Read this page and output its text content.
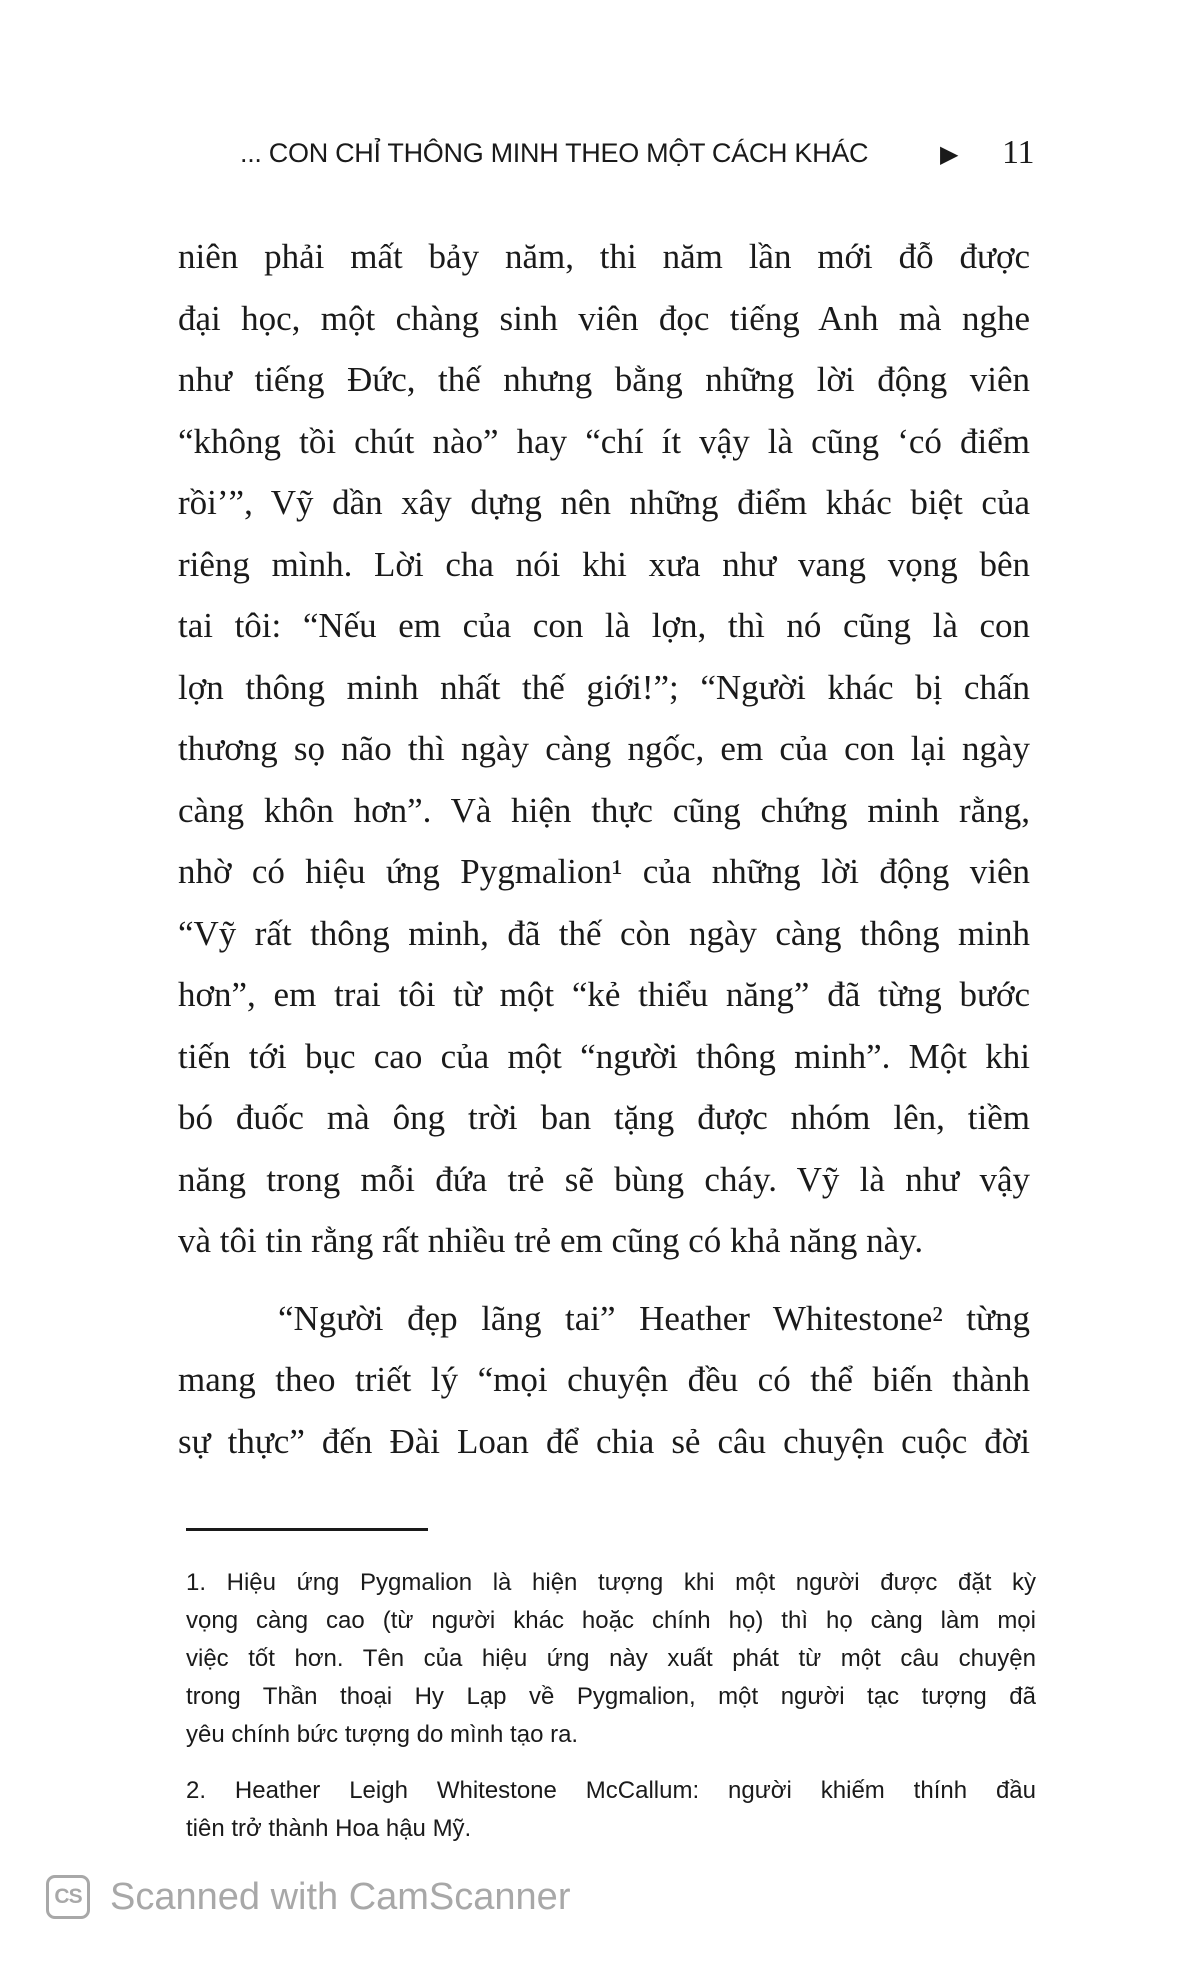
... CON CHỈ THÔNG MINH THEO MỘT CÁCH KHÁC	▶ 11
niên phải mất bảy năm, thi năm lần mới đỗ được
đại học, một chàng sinh viên đọc tiếng Anh mà nghe
như tiếng Đức, thế nhưng bằng những lời động viên
“không tồi chút nào” hay “chí ít vậy là cũng ‘có điểm
rồi’”, Vỹ dần xây dựng nên những điểm khác biệt của
riêng mình. Lời cha nói khi xưa như vang vọng bên
tai tôi: “Nếu em của con là lợn, thì nó cũng là con
lợn thông minh nhất thế giới!”; “Người khác bị chấn
thương sọ não thì ngày càng ngốc, em của con lại ngày
càng khôn hơn”. Và hiện thực cũng chứng minh rằng,
nhờ có hiệu ứng Pygmalion¹ của những lời động viên
“Vỹ rất thông minh, đã thế còn ngày càng thông minh
hơn”, em trai tôi từ một “kẻ thiểu năng” đã từng bước
tiến tới bục cao của một “người thông minh”. Một khi
bó đuốc mà ông trời ban tặng được nhóm lên, tiềm
năng trong mỗi đứa trẻ sẽ bùng cháy. Vỹ là như vậy
và tôi tin rằng rất nhiều trẻ em cũng có khả năng này.
“Người đẹp lãng tai” Heather Whitestone² từng
mang theo triết lý “mọi chuyện đều có thể biến thành
sự thực” đến Đài Loan để chia sẻ câu chuyện cuộc đời
1. Hiệu ứng Pygmalion là hiện tượng khi một người được đặt kỳ
vọng càng cao (từ người khác hoặc chính họ) thì họ càng làm mọi
việc tốt hơn. Tên của hiệu ứng này xuất phát từ một câu chuyện
trong Thần thoại Hy Lạp về Pygmalion, một người tạc tượng đã
yêu chính bức tượng do mình tạo ra.
2. Heather Leigh Whitestone McCallum: người khiếm thính đầu
tiên trở thành Hoa hậu Mỹ.
CS Scanned with CamScanner
